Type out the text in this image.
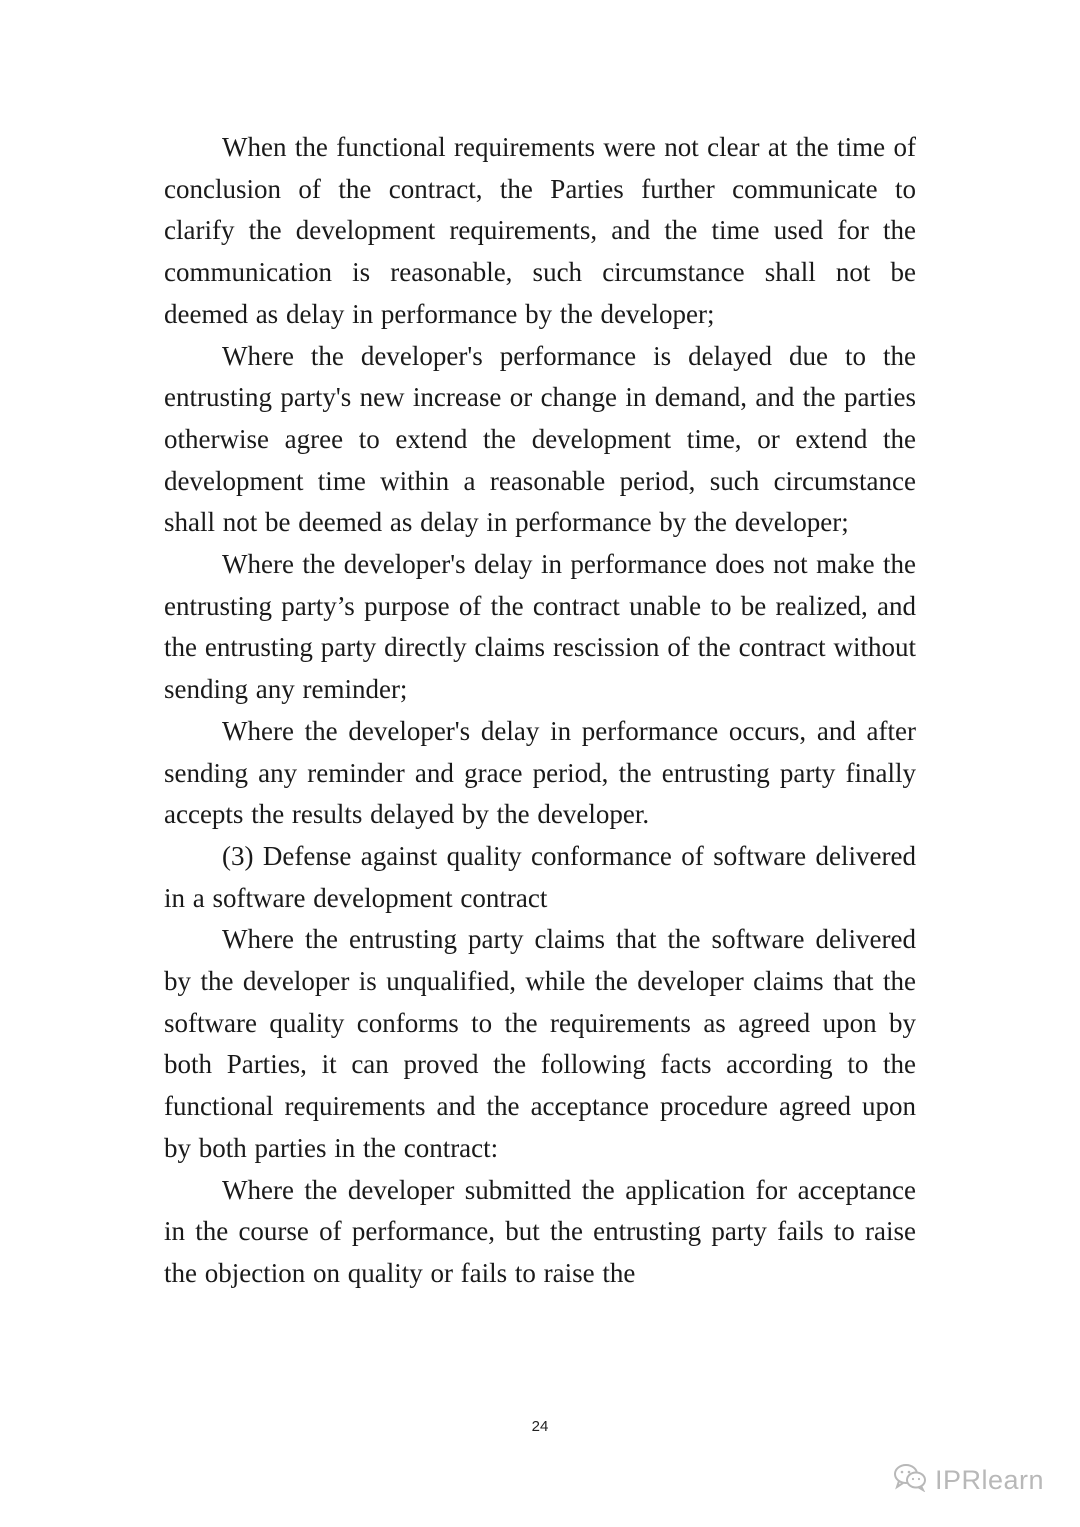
When the functional requirements were not clear at the time of conclusion of the contract, the Parties further communicate to clarify the development requirements, and the time used for the communication is reasonable, such circumstance shall not be deemed as delay in performance by the developer;

Where the developer's performance is delayed due to the entrusting party's new increase or change in demand, and the parties otherwise agree to extend the development time, or extend the development time within a reasonable period, such circumstance shall not be deemed as delay in performance by the developer;

Where the developer's delay in performance does not make the entrusting party’s purpose of the contract unable to be realized, and the entrusting party directly claims rescission of the contract without sending any reminder;

Where the developer's delay in performance occurs, and after sending any reminder and grace period, the entrusting party finally accepts the results delayed by the developer.

(3) Defense against quality conformance of software delivered in a software development contract

Where the entrusting party claims that the software delivered by the developer is unqualified, while the developer claims that the software quality conforms to the requirements as agreed upon by both Parties, it can proved the following facts according to the functional requirements and the acceptance procedure agreed upon by both parties in the contract:

Where the developer submitted the application for acceptance in the course of performance, but the entrusting party fails to raise the objection on quality or fails to raise the

24
IPRlearn
